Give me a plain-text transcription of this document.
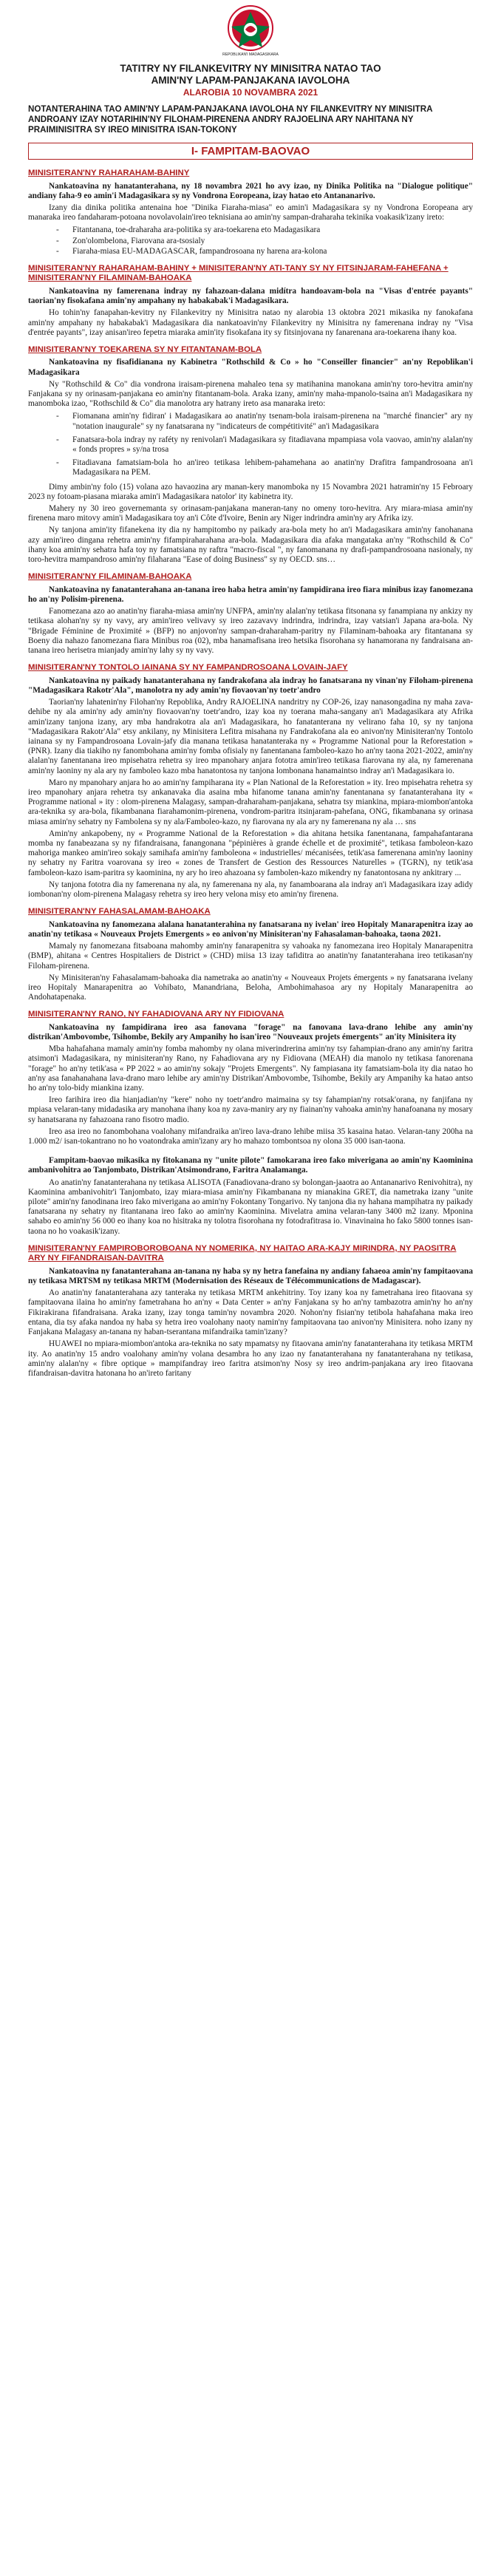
REPOBLIKAN'I MADAGASIKARA
TATITRY NY FILANKEVITRY NY MINISITRA NATAO TAO
AMIN'NY LAPAM-PANJAKANA IAVOLOHA
ALAROBIA 10 NOVAMBRA 2021
NOTANTERAHINA TAO AMIN'NY LAPAM-PANJAKANA IAVOLOHA NY FILANKEVITRY NY MINISITRA ANDROANY IZAY NOTARIHIN'NY FILOHAM-PIRENENA ANDRY RAJOELINA ARY NAHITANA NY PRAIMINISITRA SY IREO MINISITRA ISAN-TOKONY
I- FAMPITAM-BAOVAO
MINISITERAN'NY RAHARAHAM-BAHINY

Nankatoavina ny hanatanterahana, ny 18 novambra 2021 ho avy izao, ny Dinika Politika na "Dialogue politique" andiany faha-9 eo amin'i Madagasikara sy ny Vondrona Eoropeana, izay hatao eto Antananarivo.

Izany dia dinika politika antenaina hoe "Dinika Fiaraha-miasa" eo amin'i Madagasikara sy ny Vondrona Eoropeana ary manaraka ireo fandaharam-potoana novolavolain'ireo teknisiana ao amin'ny sampan-draharaha tekinika voakasik'izany ireto:

- Fitantanana, toe-draharaha ara-politika sy ara-toekarena eto Madagasikara
- Zon'olombelona, Fiarovana ara-tsosialy
- Fiaraha-miasa EU-MADAGASCAR, fampandrosoana ny harena ara-kolona
MINISITERAN'NY RAHARAHAM-BAHINY + MINISITERAN'NY ATI-TANY SY NY FITSINJARAM-FAHEFANA + MINISITERAN'NY FILAMINAM-BAHOAKA

Nankatoavina ny famerenana indray ny fahazoan-dalana midítra handoavam-bola na "Visas d'entrée payants" taorian'ny fisokafana amin'ny ampahany ny habakabak'i Madagasikara.

Ho tohin'ny fanapahan-kevitry ny Filankevitry ny Minisitra natao ny alarobia 13 oktobra 2021 mikasika ny fanokafana amin'ny ampahany ny habakabak'i Madagasikara dia nankatoavin'ny Filankevitry ny Minisitra ny famerenana indray ny "Visa d'entrée payants", izay anisan'ireo fepetra miaraka amin'ity fisokafana ity sy fitsinjovana ny fanarenana ara-toekarena ihany koa.

MINISITERAN'NY TOEKARENA SY NY FITANTANAM-BOLA

Nankatoavina ny fisafidianana ny Kabinetra "Rothschild & Co » ho "Conseiller financier" an'ny Repoblikan'i Madagasikara

Ny "Rothschild & Co" dia vondrona iraisam-pirenena mahaleo tena sy matihanina manokana amin'ny toro-hevitra amin'ny Fanjakana sy ny orinasam-panjakana eo amin'ny fitantanam-bola. Araka izany, amin'ny maha-mpanolo-tsaina an'i Madagasikara ny manomboka izao, "Rothschild & Co" dia manolotra ary hatrany ireto asa manaraka ireto:

- Fiomanana amin'ny fidiran' i Madagasikara ao anatin'ny tsenam-bola iraisam-pirenena na "marché financier" ary ny "notation inaugurale" sy ny fanatsarana ny "indicateurs de compétitivité" an'i Madagasikara
- Fanatsara-bola indray ny raféty ny renivolan'i Madagasikara sy fitadiavana mpampiasa vola vaovao, amin'ny alalan'ny « fonds propres » sy/na trosa
- Fitadiavana famatsiam-bola ho an'ireo tetikasa lehibem-pahamehana ao anatin'ny Drafitra fampandrosoana an'i Madagasikara na PEM.

Dimy ambin'ny folo (15) volana azo havaozina ary manan-kery manomboka ny 15 Novambra 2021 hatramin'ny 15 Febroary 2023 ny fotoam-piasana miaraka amin'i Madagasikara natolor' ity kabinetra ity.

Mahery ny 30 ireo governemanta sy orinasam-panjakana maneran-tany no omeny toro-hevitra. Ary miara-miasa amin'ny firenena maro mitovy amin'i Madagasikara toy an'i Côte d'Ivoire, Benin ary Niger indrindra amin'ny ary Afrika izy.

Ny tanjona amin'ity fifanekena ity dia ny hampitombo ny paikady ara-bola mety ho an'i Madagasikara amin'ny fanohanana azy amin'ireo dingana rehetra amin'ny fifampiraharahana ara-bola. Madagasikara dia afaka mangataka an'ny "Rothschild & Co" ihany koa amin'ny sehatra hafa toy ny famatsiana ny raftra "macro-fiscal ", ny fanomanana ny drafi-pampandrosoana nasionaly, ny toro-hevitra mampandroso amin'ny filaharana "Ease of doing Business" sy ny OECD. sns…

MINISITERAN'NY FILAMINAM-BAHOAKA

Nankatoavina ny fanatanterahana an-tanana ireo haba hetra amin'ny fampidirana ireo fiara minibus izay fanomezana ho an'ny Polisim-pirenena.

Fanomezana azo ao anatin'ny fiaraha-miasa amin'ny UNFPA, amin'ny alalan'ny tetikasa fitsonana sy fanampiana ny ankizy ny tetikasa alohan'ny sy ny vavy, ary amin'ireo velivavy sy ireo zazavavy indrindra, indrindra, izay vatsian'i Japana ara-bola. Ny "Brigade Féminine de Proximité » (BFP) no anjovon'ny sampan-draharaham-paritry ny Filaminam-bahoaka ary fitantanana sy Boeny dia nahazo fanomezana fiara Minibus roa (02), mba hanamafisana ireo hetsika fisorohana sy hanamorana ny fandraisana an-tanana ireo herisetra mianjady amin'ny lahy sy ny vavy.

MINISITERAN'NY TONTOLO IAINANA SY NY FAMPANDROSOANA LOVAIN-JAFY

Nankatoavina ny paikady hanatanterahana ny fandrakofana ala indray ho fanatsarana ny vinan'ny Filoham-pirenena "Madagasikara Rakotr'Ala", manolotra ny ady amin'ny fiovaovan'ny toetr'andro

Taorian'ny lahatenin'ny Filohan'ny Repoblika, Andry RAJOELINA nandritry ny COP-26, izay nanasongadina ny maha zava-dehibe ny ala amin'ny ady amin'ny fiovaovan'ny toetr'andro, izay koa ny toerana maha-sangany an'i Madagasikara aty Afrika amin'izany tanjona izany, ary mba handrakotra ala an'i Madagasikara, ho fanatanterana ny velirano faha 10, sy ny tanjona "Madagasikara Rakotr'Ala" etsy ankilany, ny Minisitera Lefitra misahana ny Fandrakofana ala eo anivon'ny Minisiteran'ny Tontolo iainana sy ny Fampandrosoana Lovain-jafy dia manana tetikasa hanatanteraka ny « Programme National pour la Reforestation » (PNR). Izany dia tiakiho ny fanombohana amin'ny fomba ofisialy ny fanentanana famboleo-kazo ho an'ny taona 2021-2022, amin'ny alalan'ny fanentanana ireo mpisehatra rehetra sy ireo mpanohary anjara fototra amin'ireo tetikasa fiarovana ny ala, ny famerenana amin'ny laoniny ny ala ary ny famboleo kazo mba hanatontosa ny tanjona lombonana hanamaintso indray an'i Madagasikara io.

Maro ny mpanohary anjara ho ao amin'ny fampiharana ity « Plan National de la Reforestation » ity. Ireo mpisehatra rehetra sy ireo mpanohary anjara rehetra tsy ankanavaka dia asaina mba hifanome tanana amin'ny fanentanana sy fanatanterahana ity « Programme national » ity : olom-pirenena Malagasy, sampan-draharaham-panjakana, sehatra tsy miankina, mpiara-miombon'antoka ara-teknika sy ara-bola, fikambanana fiarahamonim-pirenena, vondrom-paritra itsinjaram-pahefana, ONG, fikambanana sy orinasa miasa amin'ny sehatry ny Fambolena sy ny ala/Famboleo-kazo, ny fiarovana ny ala ary ny famerenana ny ala … sns

Amin'ny ankapobeny, ny « Programme National de la Reforestation » dia ahitana hetsika fanentanana, fampahafantarana momba ny fanabeazana sy ny fifandraisana, fanangonana "pépinières à grande échelle et de proximité", tetikasa famboleon-kazo mahoriga mankeo amin'ireo sokajy samihafa amin'ny famboleona « industrielles/ mécanisées, tetik'asa famerenana amin'ny laoniny ny sehatry ny Faritra voarovana sy ireo « zones de Transfert de Gestion des Ressources Naturelles » (TGRN), ny tetik'asa famboleon-kazo isam-paritra sy kaominina, ny ary ho ireo ahazoana sy fambolen-kazo mikendry ny fanatontosana ny ankitrary ...

Ny tanjona fototra dia ny famerenana ny ala, ny famerenana ny ala, ny fanamboarana ala indray an'i Madagasikara izay adidy iombonan'ny olom-pirenena Malagasy rehetra sy ireo hery velona misy eto amin'ny firenena.

MINISITERAN'NY FAHASALAMAM-BAHOAKA

Nankatoavina ny fanomezana alalana hanatanterahina ny fanatsarana ny ivelan' ireo Hopitaly Manarapenitra izay ao anatin'ny tetikasa « Nouveaux Projets Emergents » eo anivon'ny Minisiteran'ny Fahasalaman-bahoaka, taona 2021.

Mamaly ny fanomezana fitsaboana mahomby amin'ny fanarapenitra sy vahoaka ny fanomezana ireo Hopitaly Manarapenitra (BMP), ahitana « Centres Hospitaliers de District » (CHD) miisa 13 izay tafiditra ao anatin'ny fanatanterahana ireo tetikasan'ny Filoham-pirenena.

Ny Minisiteran'ny Fahasalamam-bahoaka dia nametraka ao anatin'ny « Nouveaux Projets émergents » ny fanatsarana ivelany ireo Hopitaly Manarapenitra ao Vohibato, Manandriana, Beloha, Ambohimahasoa ary ny Hopitaly Manarapenitra ao Andohatapenaka.

MINISITERAN'NY RANO, NY FAHADIOVANA ARY NY FIDIOVANA

Nankatoavina ny fampidirana ireo asa fanovana "forage" na fanovana lava-drano lehibe any amin'ny distrikan'Ambovombe, Tsihombe, Bekily ary Ampanihy ho isan'ireo "Nouveaux projets émergents" an'ity Minisitera ity

Mba hahafahana mamaly amin'ny fomba mahomby ny olana miverindrerina amin'ny tsy fahampian-drano any amin'ny faritra atsimon'i Madagasikara, ny minisiteran'ny Rano, ny Fahadiovana ary ny Fidiovana (MEAH) dia manolo ny tetikasa fanorenana "forage" ho an'ny tetik'asa « PP 2022 » ao amin'ny sokajy "Projets Emergents". Ny fampiasana ity famatsiam-bola ity dia natao ho an'ny asa fanahanahana lava-drano maro lehibe ary amin'ny Distrikan'Ambovombe, Tsihombe, Bekily ary Ampanihy ka hatao antso ho an'ny tolo-bidy miankina izany.

Ireo farihira ireo dia hianjadian'ny "kere" noho ny toetr'andro maimaina sy tsy fahampian'ny rotsak'orana, ny fanjifana ny mpiasa velaran-tany midadasika ary manohana ihany koa ny zava-maniry ary ny fiainan'ny vahoaka amin'ny hanafoanana ny mosary sy hanatsarana ny fahazoana rano fisotro madio.

Ireo asa ireo no fanombohana voalohany mifandraika an'ireo lava-drano lehibe miisa 35 kasaina hatao. Velaran-tany 200ha na 1.000 m2/ isan-tokantrano no ho voatondraka amin'izany ary ho mahazo tombontsoa ny olona 35 000 isan-taona.

Fampitam-baovao mikasika ny fitokanana ny "unite pilote" famokarana ireo fako miverigana ao amin'ny Kaominina ambanivohitra ao Tanjombato, Distrikan'Atsimondrano, Faritra Analamanga.

Ao anatin'ny fanatanterahana ny tetikasa ALISOTA (Fanadiovana-drano sy bolongan-jaaotra ao Antananarivo Renivohitra), ny Kaominina ambanivohitr'i Tanjombato, izay miara-miasa amin'ny Fikambanana ny mianakina GRET, dia nametraka izany "unite pilote" amin'ny fanodinana ireo fako miverigana ao amin'ny Fokontany Tongarivo. Ny tanjona dia ny hahana mampihatra ny paikady fanatsarana ny sehatry ny fitantanana ireo fako ao amin'ny Kaominina. Mivelatra amina velaran-tany 3400 m2 izany. Mponina sahabo eo amin'ny 56 000 eo ihany koa no hisitraka ny tolotra fisorohana ny fotodrafitrasa io. Vinavinaina ho fako 5800 tonnes isan-taona no ho voakasik'izany.

MINISITERAN'NY FAMPIROBOROBOANA NY NOMERIKA, NY HAITAO ARA-KAJY MIRINDRA, NY PAOSITRA ARY NY FIFANDRAISAN-DAVITRA

Nankatoavina ny fanatanterahana an-tanana ny haba sy ny hetra fanefaina ny andiany fahaeoa amin'ny fampitaovana ny tetikasa MRTSM ny tetikasa MRTM (Modernisation des Réseaux de Télécommunications de Madagascar).

Ao anatin'ny fanatanterahana azy tanteraka ny tetikasa MRTM ankehitriny. Toy izany koa ny fametrahana ireo fitaovana sy fampitaovana ilaina ho amin'ny fametrahana ho an'ny « Data Center » an'ny Fanjakana sy ho an'ny tambazotra amin'ny ho an'ny Fikirakirana fifandraisana. Araka izany, izay tonga tamin'ny novambra 2020. Nohon'ny fisian'ny tetibola hahafahana maka ireo entana, dia tsy afaka nandoa ny haba sy hetra ireo voalohany naoty namin'ny fampitaovana tao anivon'ny Minisitera. noho izany ny Fanjakana Malagasy an-tanana ny haban-tserantana mifandraika tamin'izany?

HUAWEI no mpiara-miombon'antoka ara-teknika no saty mpamatsy ny fitaovana amin'ny fanatanterahana ity tetikasa MRTM ity. Ao anatin'ny 15 andro voalohany amin'ny volana desambra ho any izao ny fanatanterahana ny fanatanterahana ny tetikasa, amin'ny alalan'ny « fibre optique » mampifandray ireo faritra atsimon'ny Nosy sy ireo andrim-panjakana ary ireo fitaovana fifandraisan-davitra hatonana ho an'ireto faritany
